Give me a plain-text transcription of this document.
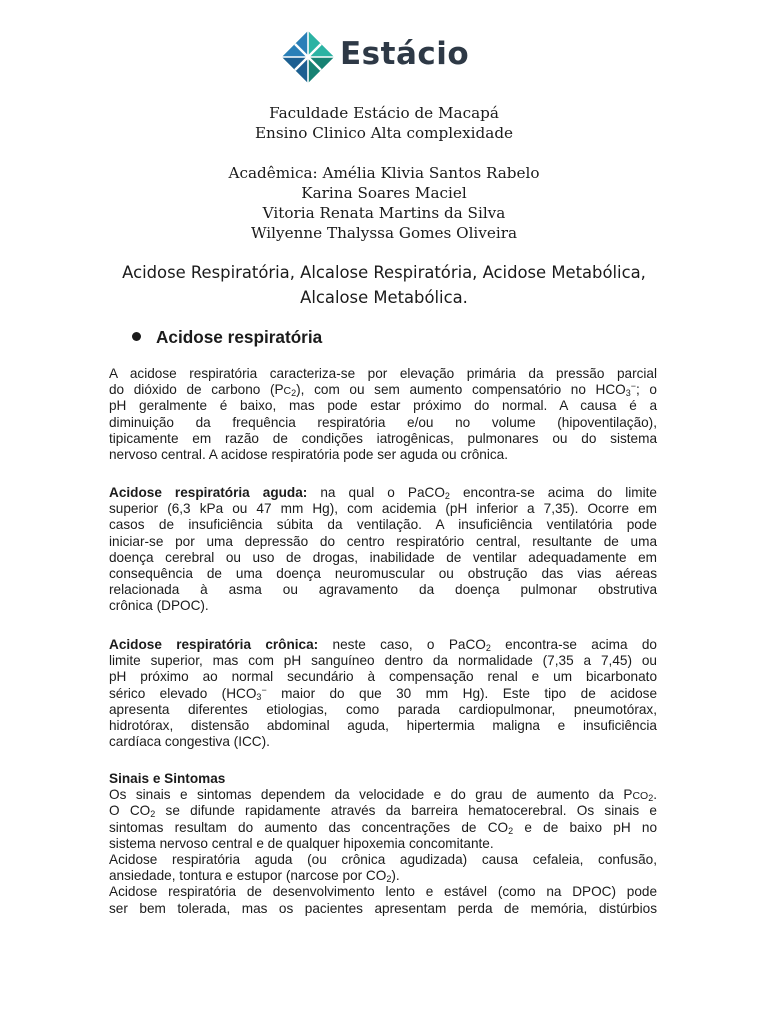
Estácio
Faculdade Estácio de Macapá
Ensino Clinico Alta complexidade
Acadêmica: Amélia Klivia Santos Rabelo
Karina Soares Maciel
Vitoria Renata Martins da Silva
Wilyenne Thalyssa Gomes Oliveira
Acidose Respiratória, Alcalose Respiratória, Acidose Metabólica,
Alcalose Metabólica.
Acidose respiratória
A acidose respiratória caracteriza-se por elevação primária da pressão parcial
do dióxido de carbono $(PC_2)$, com ou sem aumento compensatório no $HCO_3^-$; o
pH geralmente é baixo, mas pode estar próximo do normal. A causa é a
diminuição da frequência respiratória e/ou no volume (hipoventilação),
tipicamente em razão de condições iatrogênicas, pulmonares ou do sistema
nervoso central. A acidose respiratória pode ser aguda ou crônica.
Acidose respiratória aguda: na qual o PaCO$_2$ encontra-se acima do limite
superior (6,3 kPa ou 47 mm Hg), com acidemia (pH inferior a 7,35). Ocorre em
casos de insuficiência súbita da ventilação. A insuficiência ventilatória pode
iniciar-se por uma depressão do centro respiratório central, resultante de uma
doença cerebral ou uso de drogas, inabilidade de ventilar adequadamente em
consequência de uma doença neuromuscular ou obstrução das vias aéreas
relacionada à asma ou agravamento da doença pulmonar obstrutiva
crônica (DPOC).
Acidose respiratória crônica: neste caso, o PaCO$_2$ encontra-se acima do
limite superior, mas com pH sanguíneo dentro da normalidade (7,35 a 7,45) ou
pH próximo ao normal secundário à compensação renal e um bicarbonato
sérico elevado ($HCO_3^-$ maior do que 30 mm Hg). Este tipo de acidose
apresenta diferentes etiologias, como parada cardiopulmonar, pneumotórax,
hidrotórax, distensão abdominal aguda, hipertermia maligna e insuficiência
cardíaca congestiva (ICC).
Sinais e Sintomas
Os sinais e sintomas dependem da velocidade e do grau de aumento da $PCO_2$.
O $CO_2$ se difunde rapidamente através da barreira hematocerebral. Os sinais e
sintomas resultam do aumento das concentrações de $CO_2$ e de baixo pH no
sistema nervoso central e de qualquer hipoxemia concomitante.
Acidose respiratória aguda (ou crônica agudizada) causa cefaleia, confusão,
ansiedade, tontura e estupor (narcose por $CO_2$).
Acidose respiratória de desenvolvimento lento e estável (como na DPOC) pode
ser bem tolerada, mas os pacientes apresentam perda de memória, distúrbios
